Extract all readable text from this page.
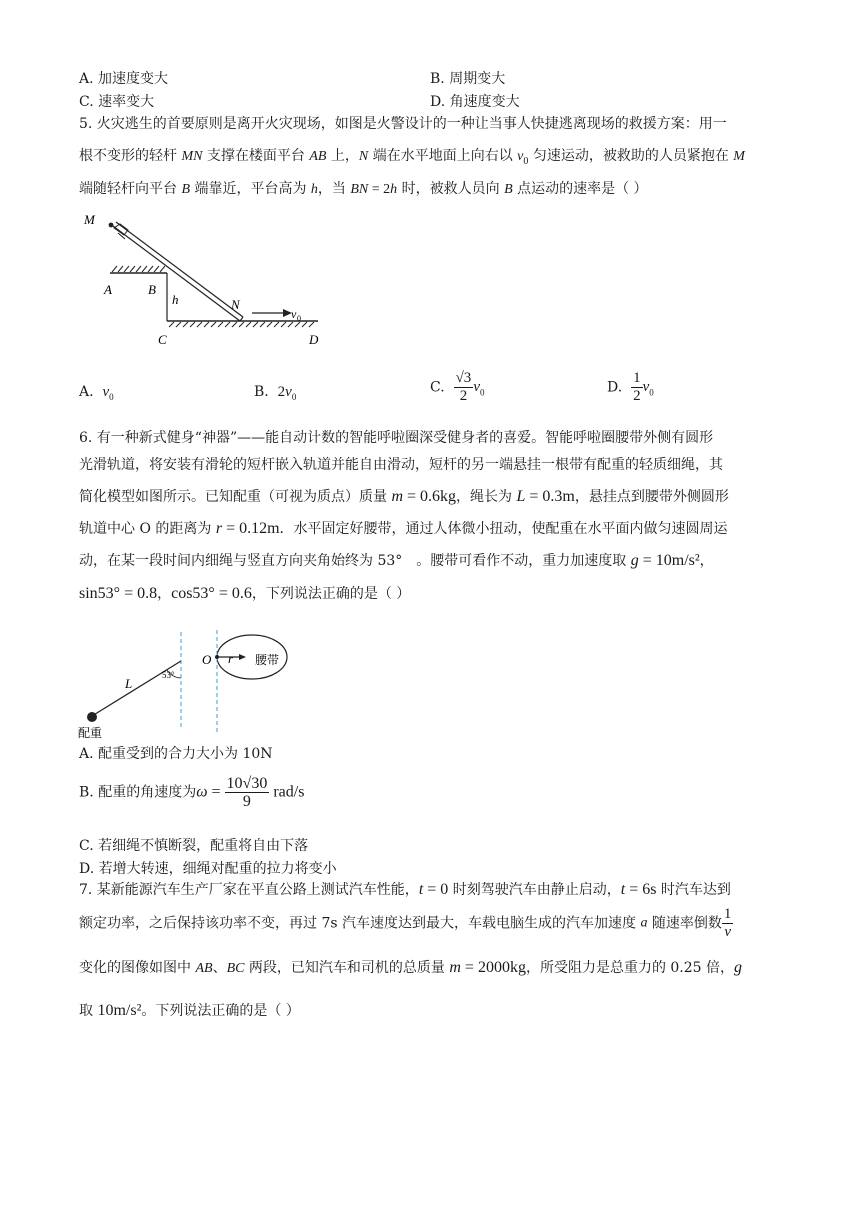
A. 加速度变大	B. 周期变大
C. 速率变大	D. 角速度变大
5. 火灾逃生的首要原则是离开火灾现场，如图是火警设计的一种让当事人快捷逃离现场的救援方案：用一
根不变形的轻杆 MN 支撑在楼面平台 AB 上，N 端在水平地面上向右以 $v_0$ 匀速运动，被救助的人员紧抱在 M
端随轻杆向平台 B 端靠近，平台高为 h，当 BN = 2h 时，被救人员向 B 点运动的速率是（ ）
M
A	B
h	N
C	D
v 0
A. $v_0$	B. $2v_0$
C. $\frac{√3}{2} v_0$	D. $\frac{1}{2} v_0$
6. 有一种新式健身“神器”——能自动计数的智能呼啦圈深受健身者的喜爱。智能呼啦圈腰带外侧有圆形
光滑轨道，将安装有滑轮的短杆嵌入轨道并能自由滑动，短杆的另一端悬挂一根带有配重的轻质细绳，其
简化模型如图所示。已知配重（可视为质点）质量 m = 0.6kg，绳长为 L = 0.3m，悬挂点到腰带外侧圆形
轨道中心 O 的距离为 r = 0.12m．水平固定好腰带，通过人体微小扭动，使配重在水平面内做匀速圆周运
动，在某一段时间内细绳与竖直方向夹角始终为 53°　。腰带可看作不动，重力加速度取 g = 10m/s²，
sin53° = 0.8，cos53° = 0.6，下列说法正确的是（ ）
L
53°
O r 腰带
配重
A. 配重受到的合力大小为 10N
B. 配重的角速度为$\omega = \frac{10√30}{9} rad/s$
C. 若细绳不慎断裂，配重将自由下落
D. 若增大转速，细绳对配重的拉力将变小
7. 某新能源汽车生产厂家在平直公路上测试汽车性能，t = 0 时刻驾驶汽车由静止启动，t = 6s 时汽车达到
额定功率，之后保持该功率不变，再过 7s 汽车速度达到最大，车载电脑生成的汽车加速度 a 随速率倒数 $\frac{1}{v}$
变化的图像如图中 AB、BC 两段，已知汽车和司机的总质量 m = 2000kg，所受阻力是总重力的 0.25 倍，g
取 10m/s²。下列说法正确的是（ ）
